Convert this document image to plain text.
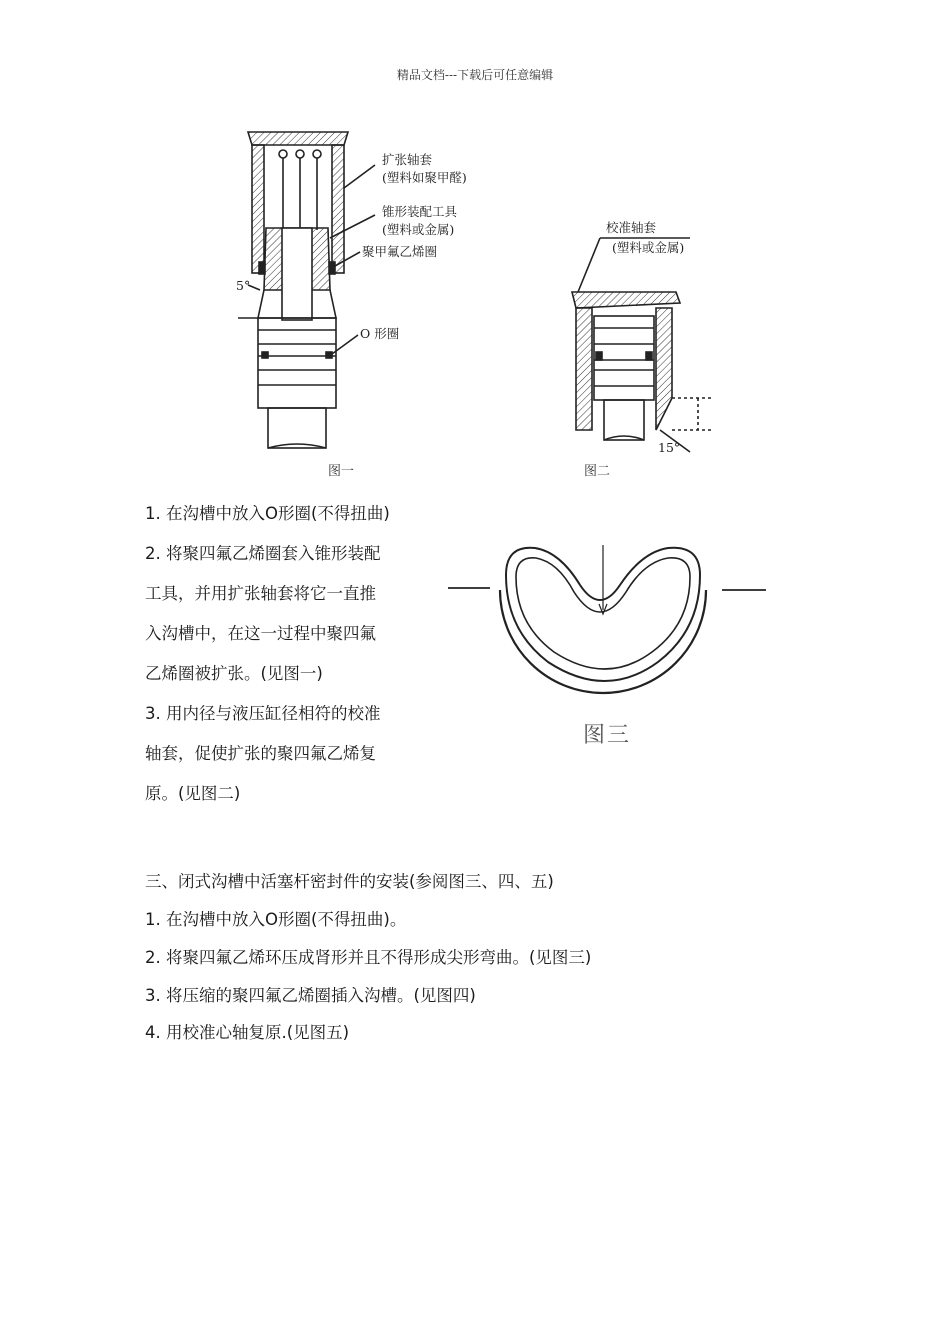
精品文档---下载后可任意编辑
扩张轴套
(塑料如聚甲醛)
锥形装配工具
(塑料或金属)
聚甲氟乙烯圈
5°
O 形圈
图一
校准轴套
(塑料或金属)
15°
图二
图三
1. 在沟槽中放入O形圈(不得扭曲)
2. 将聚四氟乙烯圈套入锥形装配
工具，并用扩张轴套将它一直推
入沟槽中，在这一过程中聚四氟
乙烯圈被扩张。(见图一)
3. 用内径与液压缸径相符的校准
轴套，促使扩张的聚四氟乙烯复
原。(见图二)
三、闭式沟槽中活塞杆密封件的安装(参阅图三、四、五)
1. 在沟槽中放入O形圈(不得扭曲)。
2. 将聚四氟乙烯环压成肾形并且不得形成尖形弯曲。(见图三)
3. 将压缩的聚四氟乙烯圈插入沟槽。(见图四)
4. 用校准心轴复原.(见图五)
